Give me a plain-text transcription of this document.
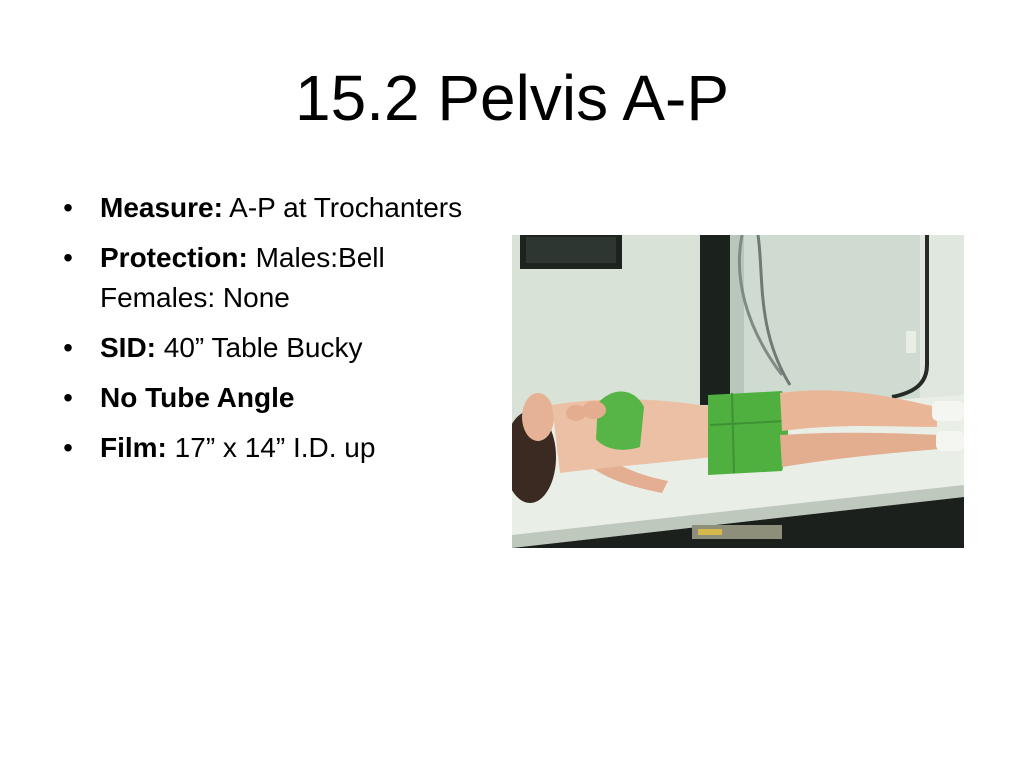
15.2 Pelvis A-P
• Measure: A-P at Trochanters
• Protection: Males:Bell Females: None
• SID: 40” Table Bucky
• No Tube Angle
• Film: 17” x 14” I.D. up
